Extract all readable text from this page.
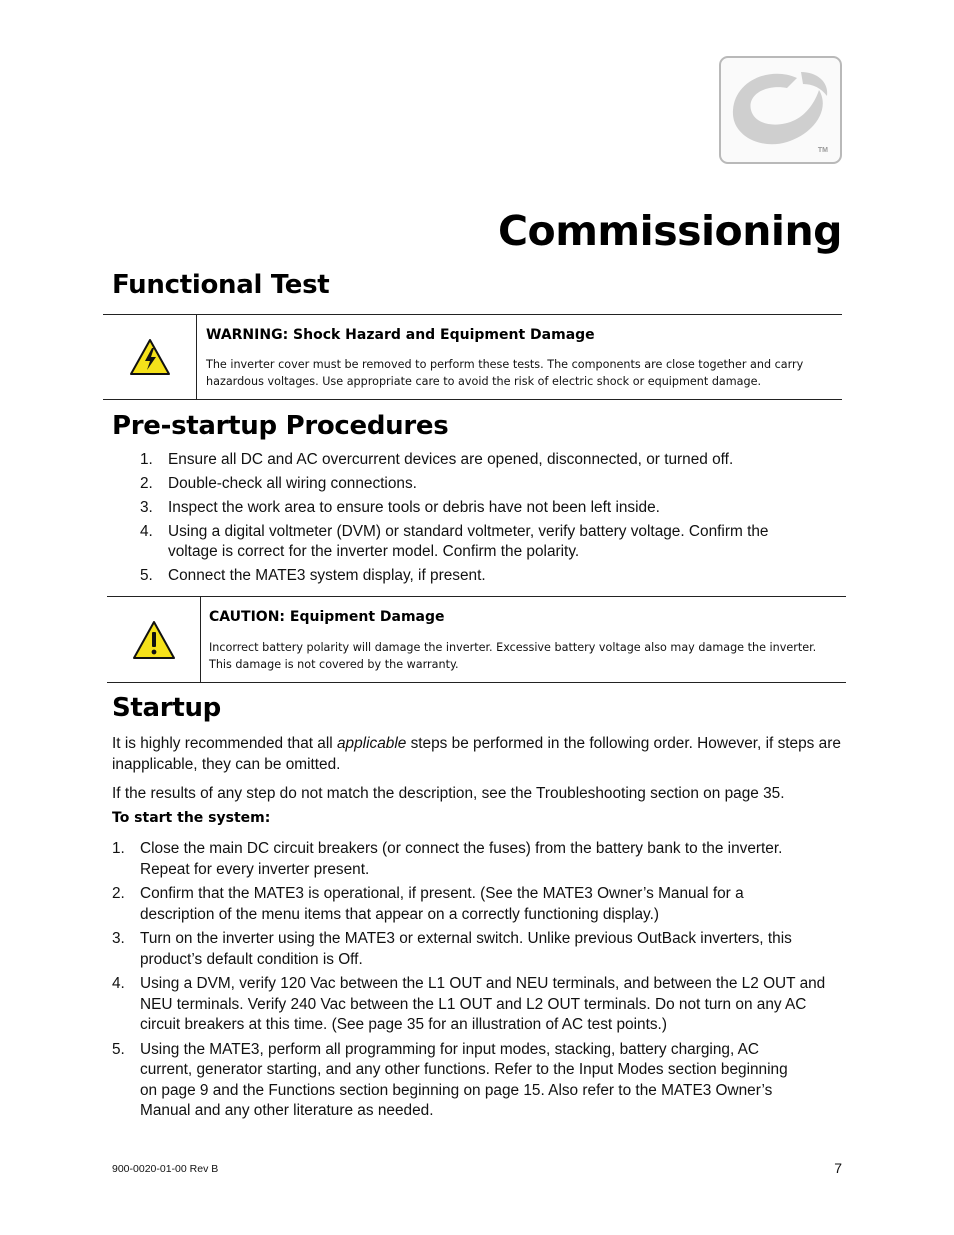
TM
Commissioning
Functional Test
WARNING: Shock Hazard and Equipment Damage
The inverter cover must be removed to perform these tests. The components are close together and carry
hazardous voltages. Use appropriate care to avoid the risk of electric shock or equipment damage.
Pre-startup Procedures
1. Ensure all DC and AC overcurrent devices are opened, disconnected, or turned off.
2. Double-check all wiring connections.
3. Inspect the work area to ensure tools or debris have not been left inside.
4. Using a digital voltmeter (DVM) or standard voltmeter, verify battery voltage. Confirm the
voltage is correct for the inverter model. Confirm the polarity.
5. Connect the MATE3 system display, if present.
CAUTION: Equipment Damage
Incorrect battery polarity will damage the inverter. Excessive battery voltage also may damage the inverter.
This damage is not covered by the warranty.
Startup
It is highly recommended that all applicable steps be performed in the following order. However, if steps are inapplicable, they can be omitted.
If the results of any step do not match the description, see the Troubleshooting section on page 35.
To start the system:
1. Close the main DC circuit breakers (or connect the fuses) from the battery bank to the inverter.
Repeat for every inverter present.
2. Confirm that the MATE3 is operational, if present. (See the MATE3 Owner’s Manual for a
description of the menu items that appear on a correctly functioning display.)
3. Turn on the inverter using the MATE3 or external switch. Unlike previous OutBack inverters, this
product’s default condition is Off.
4. Using a DVM, verify 120 Vac between the L1 OUT and NEU terminals, and between the L2 OUT and
NEU terminals. Verify 240 Vac between the L1 OUT and L2 OUT terminals. Do not turn on any AC
circuit breakers at this time. (See page 35 for an illustration of AC test points.)
5. Using the MATE3, perform all programming for input modes, stacking, battery charging, AC
current, generator starting, and any other functions. Refer to the Input Modes section beginning
on page 9 and the Functions section beginning on page 15. Also refer to the MATE3 Owner’s
Manual and any other literature as needed.
900-0020-01-00 Rev B	7
